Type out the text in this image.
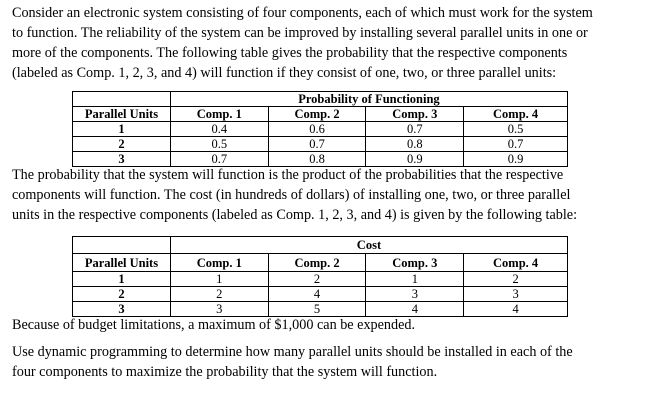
Consider an electronic system consisting of four components, each of which must work for the system
to function. The reliability of the system can be improved by installing several parallel units in one or
more of the components. The following table gives the probability that the respective components
(labeled as Comp. 1, 2, 3, and 4) will function if they consist of one, two, or three parallel units:

	Probability of Functioning			
Parallel Units	Comp. 1	Comp. 2	Comp. 3	Comp. 4
1	0.4	0.6	0.7	0.5
2	0.5	0.7	0.8	0.7
3	0.7	0.8	0.9	0.9

The probability that the system will function is the product of the probabilities that the respective
components will function. The cost (in hundreds of dollars) of installing one, two, or three parallel
units in the respective components (labeled as Comp. 1, 2, 3, and 4) is given by the following table:

	Cost			
Parallel Units	Comp. 1	Comp. 2	Comp. 3	Comp. 4
1	1	2	1	2
2	2	4	3	3
3	3	5	4	4

Because of budget limitations, a maximum of $1,000 can be expended.

Use dynamic programming to determine how many parallel units should be installed in each of the
four components to maximize the probability that the system will function.
